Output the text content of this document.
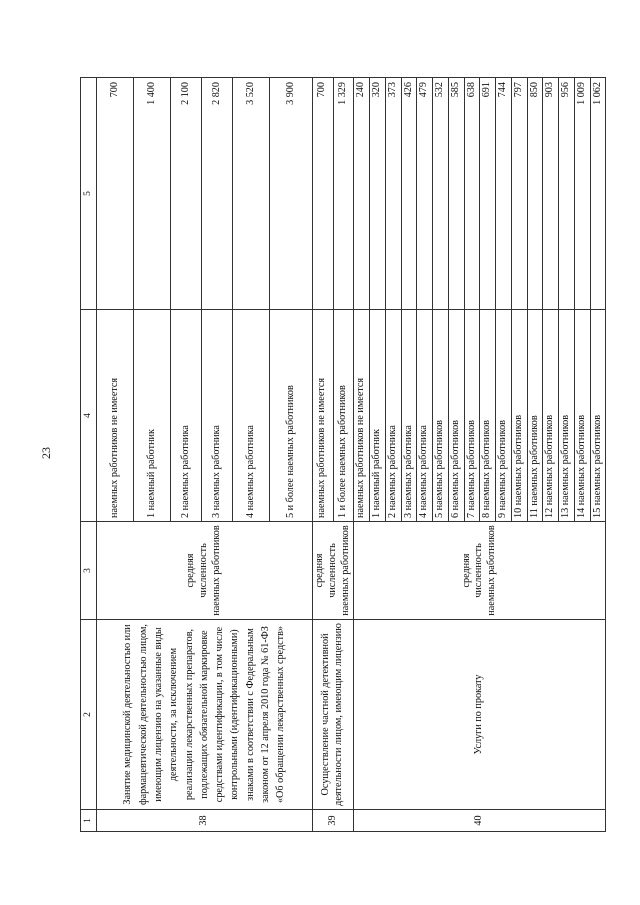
23
1	2	3	4	5
38	Занятие медицинской деятельностью или фармацевтической деятельностью лицом, имеющим лицензию на указанные виды деятельности, за исключением реализации лекарственных препаратов, подлежащих обязательной маркировке средствами идентификации, в том числе контрольными (идентификационными) знаками в соответствии с Федеральным законом от 12 апреля 2010 года № 61-ФЗ «Об обращении лекарственных средств»	средняя численность наемных работников	наемных работников не имеется	700
			1 наемный работник	1 400
			2 наемных работника	2 100
			3 наемных работника	2 820
			4 наемных работника	3 520
			5 и более наемных работников	3 900
39	Осуществление частной детективной деятельности лицом, имеющим лицензию	средняя численность наемных работников	наемных работников не имеется	700
			1 и более наемных работников	1 329
40	Услуги по прокату	средняя численность наемных работников	наемных работников не имеется	240
			1 наемный работник	320
			2 наемных работника	373
			3 наемных работника	426
			4 наемных работника	479
			5 наемных работников	532
			6 наемных работников	585
			7 наемных работников	638
			8 наемных работников	691
			9 наемных работников	744
			10 наемных работников	797
			11 наемных работников	850
			12 наемных работников	903
			13 наемных работников	956
			14 наемных работников	1 009
			15 наемных работников	1 062
